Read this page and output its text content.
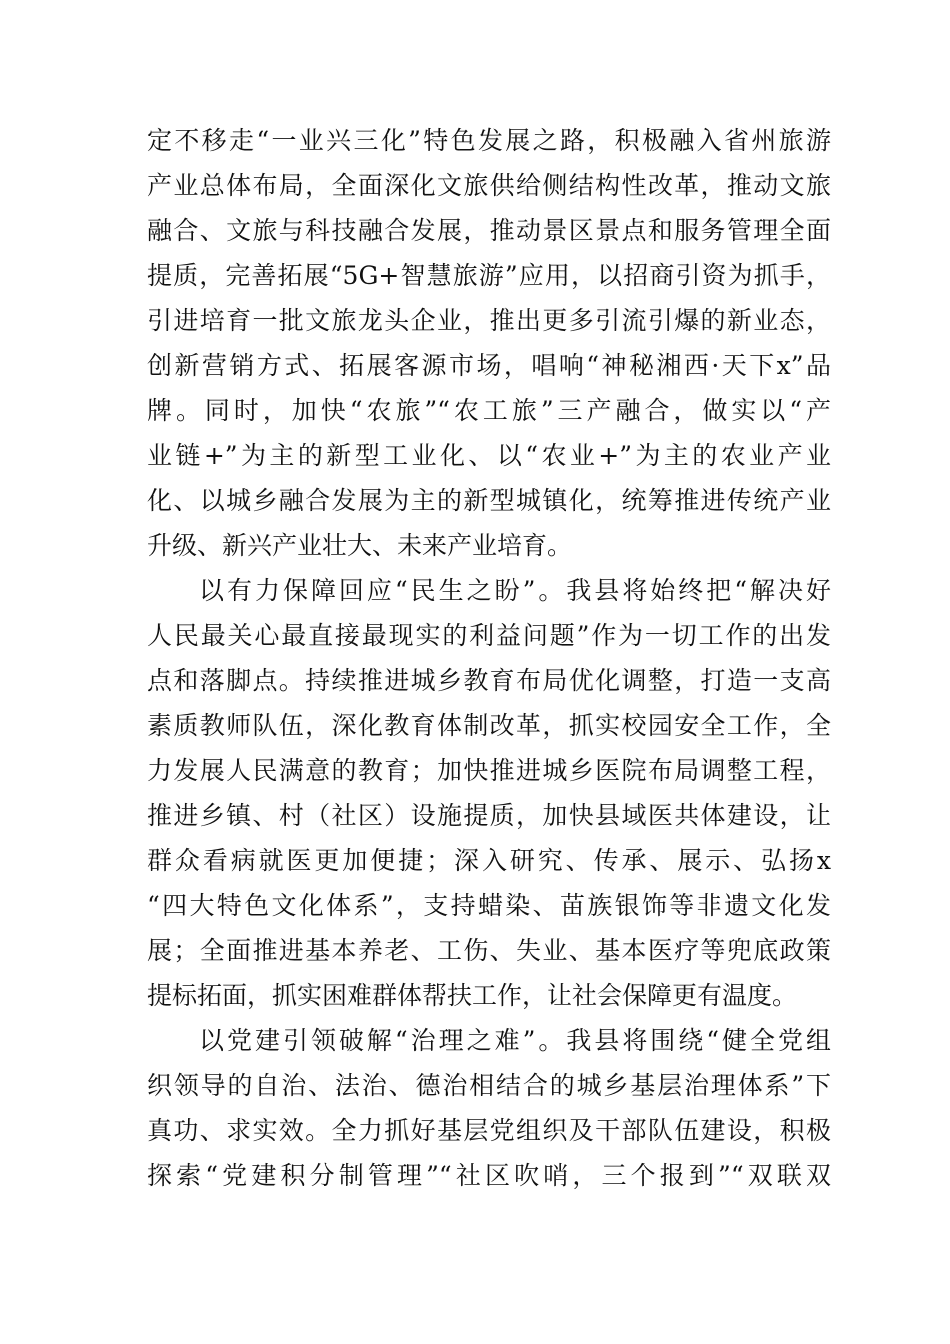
定不移走“一业兴三化”特色发展之路，积极融入省州旅游
产业总体布局，全面深化文旅供给侧结构性改革，推动文旅
融合、文旅与科技融合发展，推动景区景点和服务管理全面
提质，完善拓展“5G+智慧旅游”应用，以招商引资为抓手，
引进培育一批文旅龙头企业，推出更多引流引爆的新业态，
创新营销方式、拓展客源市场，唱响“神秘湘西·天下x”品
牌。同时，加快“农旅”“农工旅”三产融合，做实以“产
业链+”为主的新型工业化、以“农业+”为主的农业产业
化、以城乡融合发展为主的新型城镇化，统筹推进传统产业
升级、新兴产业壮大、未来产业培育。
以有力保障回应“民生之盼”。我县将始终把“解决好
人民最关心最直接最现实的利益问题”作为一切工作的出发
点和落脚点。持续推进城乡教育布局优化调整，打造一支高
素质教师队伍，深化教育体制改革，抓实校园安全工作，全
力发展人民满意的教育；加快推进城乡医院布局调整工程，
推进乡镇、村（社区）设施提质，加快县域医共体建设，让
群众看病就医更加便捷；深入研究、传承、展示、弘扬x
“四大特色文化体系”，支持蜡染、苗族银饰等非遗文化发
展；全面推进基本养老、工伤、失业、基本医疗等兜底政策
提标拓面，抓实困难群体帮扶工作，让社会保障更有温度。
以党建引领破解“治理之难”。我县将围绕“健全党组
织领导的自治、法治、德治相结合的城乡基层治理体系”下
真功、求实效。全力抓好基层党组织及干部队伍建设，积极
探索“党建积分制管理”“社区吹哨，三个报到”“双联双
